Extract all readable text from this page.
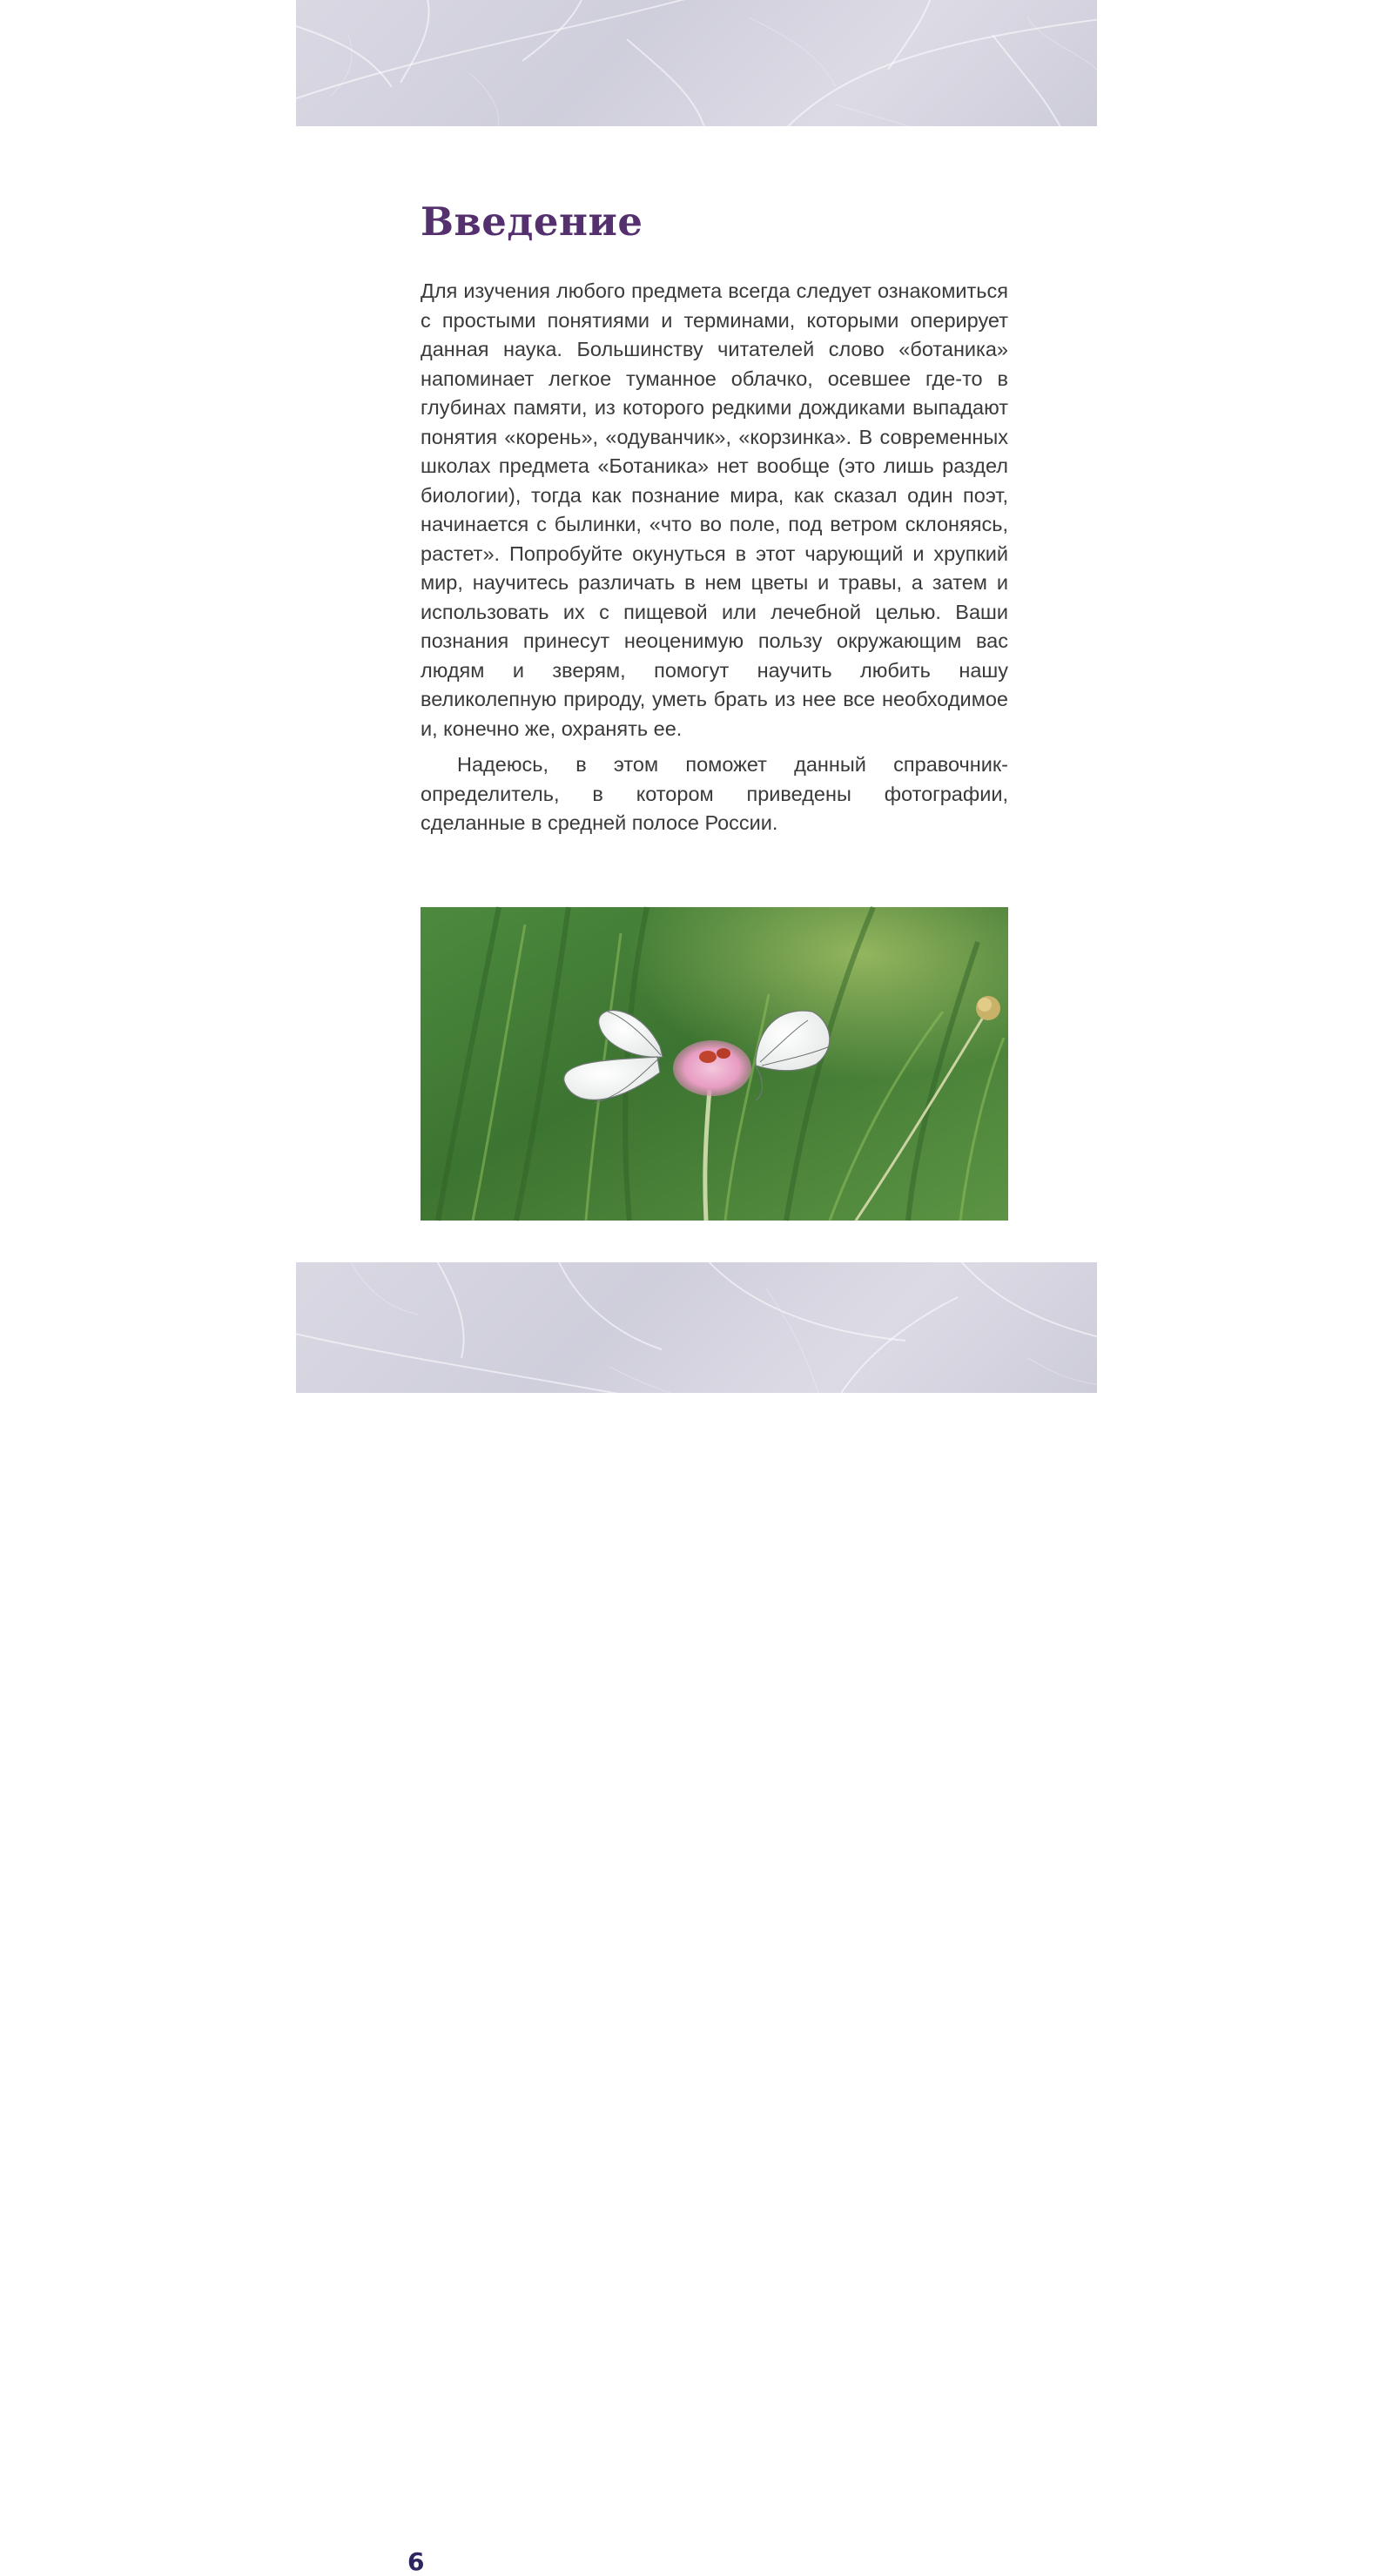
Введение

Для изучения любого предмета всегда следует ознакомиться с простыми понятиями и терминами, которыми оперирует данная наука. Большинству читателей слово «ботаника» напоминает легкое туманное облачко, осевшее где-то в глубинах памяти, из которого редкими дождиками выпадают понятия «корень», «одуванчик», «корзинка». В современных школах предмета «Ботаника» нет вообще (это лишь раздел биологии), тогда как познание мира, как сказал один поэт, начинается с былинки, «что во поле, под ветром склоняясь, растет». Попробуйте окунуться в этот чарующий и хрупкий мир, научитесь различать в нем цветы и травы, а затем и использовать их с пищевой или лечебной целью. Ваши познания принесут неоценимую пользу окружающим вас людям и зверям, помогут научить любить нашу великолепную природу, уметь брать из нее все необходимое и, конечно же, охранять ее.

Надеюсь, в этом поможет данный справочник-определитель, в котором приведены фотографии, сделанные в средней полосе России.

6
